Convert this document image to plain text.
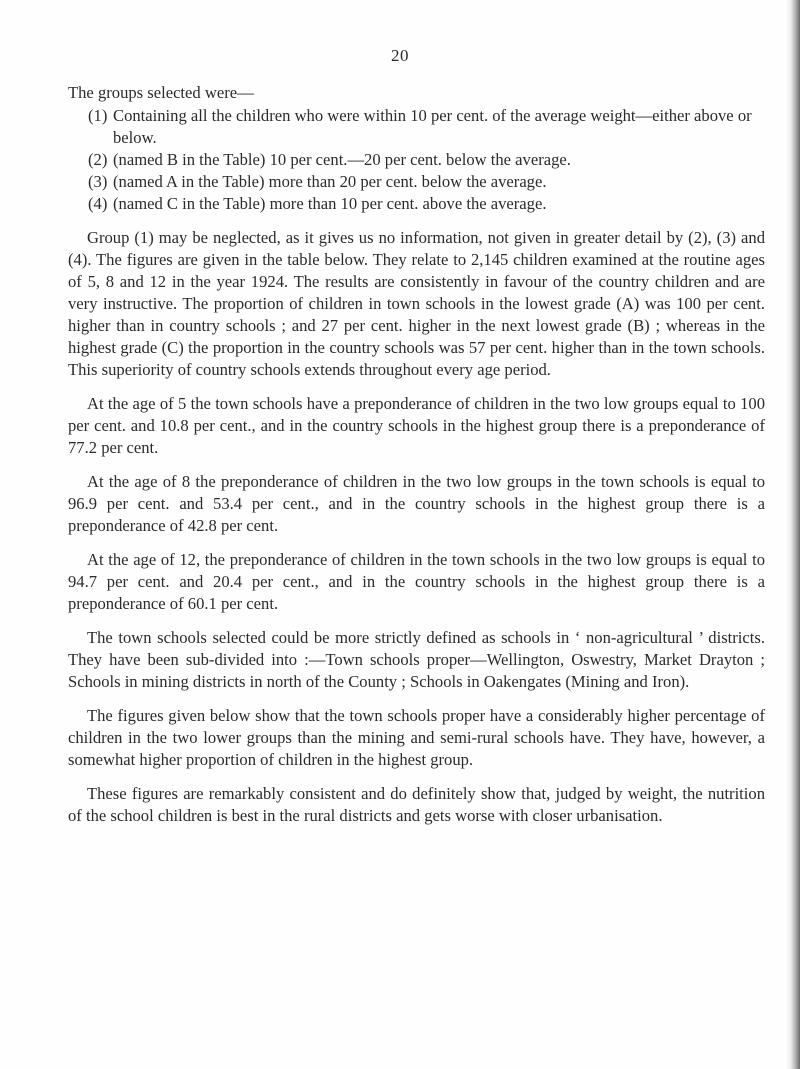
20

The groups selected were—

(1) Containing all the children who were within 10 per cent. of the average weight—either above or below.
(2) (named B in the Table) 10 per cent.—20 per cent. below the average.
(3) (named A in the Table) more than 20 per cent. below the average.
(4) (named C in the Table) more than 10 per cent. above the average.

Group (1) may be neglected, as it gives us no information, not given in greater detail by (2), (3) and (4). The figures are given in the table below. They relate to 2,145 children examined at the routine ages of 5, 8 and 12 in the year 1924. The results are consistently in favour of the country children and are very instructive. The proportion of children in town schools in the lowest grade (A) was 100 per cent. higher than in country schools ; and 27 per cent. higher in the next lowest grade (B) ; whereas in the highest grade (C) the proportion in the country schools was 57 per cent. higher than in the town schools. This superiority of country schools extends throughout every age period.

At the age of 5 the town schools have a preponderance of children in the two low groups equal to 100 per cent. and 10.8 per cent., and in the country schools in the highest group there is a preponderance of 77.2 per cent.

At the age of 8 the preponderance of children in the two low groups in the town schools is equal to 96.9 per cent. and 53.4 per cent., and in the country schools in the highest group there is a preponderance of 42.8 per cent.

At the age of 12, the preponderance of children in the town schools in the two low groups is equal to 94.7 per cent. and 20.4 per cent., and in the country schools in the highest group there is a preponderance of 60.1 per cent.

The town schools selected could be more strictly defined as schools in ‘ non-agricultural ’ districts. They have been sub-divided into :—Town schools proper—Wellington, Oswestry, Market Drayton ; Schools in mining districts in north of the County ; Schools in Oakengates (Mining and Iron).

The figures given below show that the town schools proper have a considerably higher percentage of children in the two lower groups than the mining and semi-rural schools have. They have, however, a somewhat higher proportion of children in the highest group.

These figures are remarkably consistent and do definitely show that, judged by weight, the nutrition of the school children is best in the rural districts and gets worse with closer urbanisation.
